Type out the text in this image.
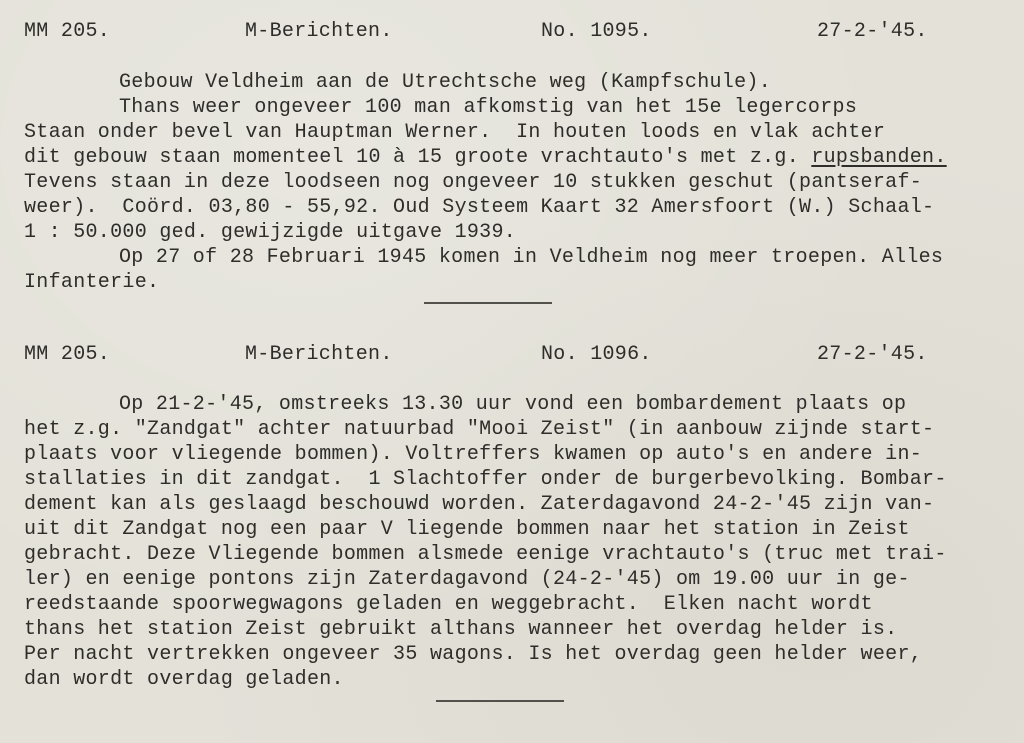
MM 205.	M-Berichten.	No. 1095.	27-2-'45.
Gebouw Veldheim aan de Utrechtsche weg (Kampfschule).
Thans weer ongeveer 100 man afkomstig van het 15e legercorps
Staan onder bevel van Hauptman Werner.  In houten loods en vlak achter
dit gebouw staan momenteel 10 à 15 groote vrachtauto's met z.g. rupsbanden.
Tevens staan in deze loodseen nog ongeveer 10 stukken geschut (pantseraf-
weer).  Coörd. 03,80 - 55,92. Oud Systeem Kaart 32 Amersfoort (W.) Schaal-
1 : 50.000 ged. gewijzigde uitgave 1939.
Op 27 of 28 Februari 1945 komen in Veldheim nog meer troepen. Alles
Infanterie.
MM 205.	M-Berichten.	No. 1096.	27-2-'45.
Op 21-2-'45, omstreeks 13.30 uur vond een bombardement plaats op
het z.g. "Zandgat" achter natuurbad "Mooi Zeist" (in aanbouw zijnde start-
plaats voor vliegende bommen). Voltreffers kwamen op auto's en andere in-
stallaties in dit zandgat.  1 Slachtoffer onder de burgerbevolking. Bombar-
dement kan als geslaagd beschouwd worden. Zaterdagavond 24-2-'45 zijn van-
uit dit Zandgat nog een paar V liegende bommen naar het station in Zeist
gebracht. Deze Vliegende bommen alsmede eenige vrachtauto's (truc met trai-
ler) en eenige pontons zijn Zaterdagavond (24-2-'45) om 19.00 uur in ge-
reedstaande spoorwegwagons geladen en weggebracht.  Elken nacht wordt
thans het station Zeist gebruikt althans wanneer het overdag helder is.
Per nacht vertrekken ongeveer 35 wagons. Is het overdag geen helder weer,
dan wordt overdag geladen.
